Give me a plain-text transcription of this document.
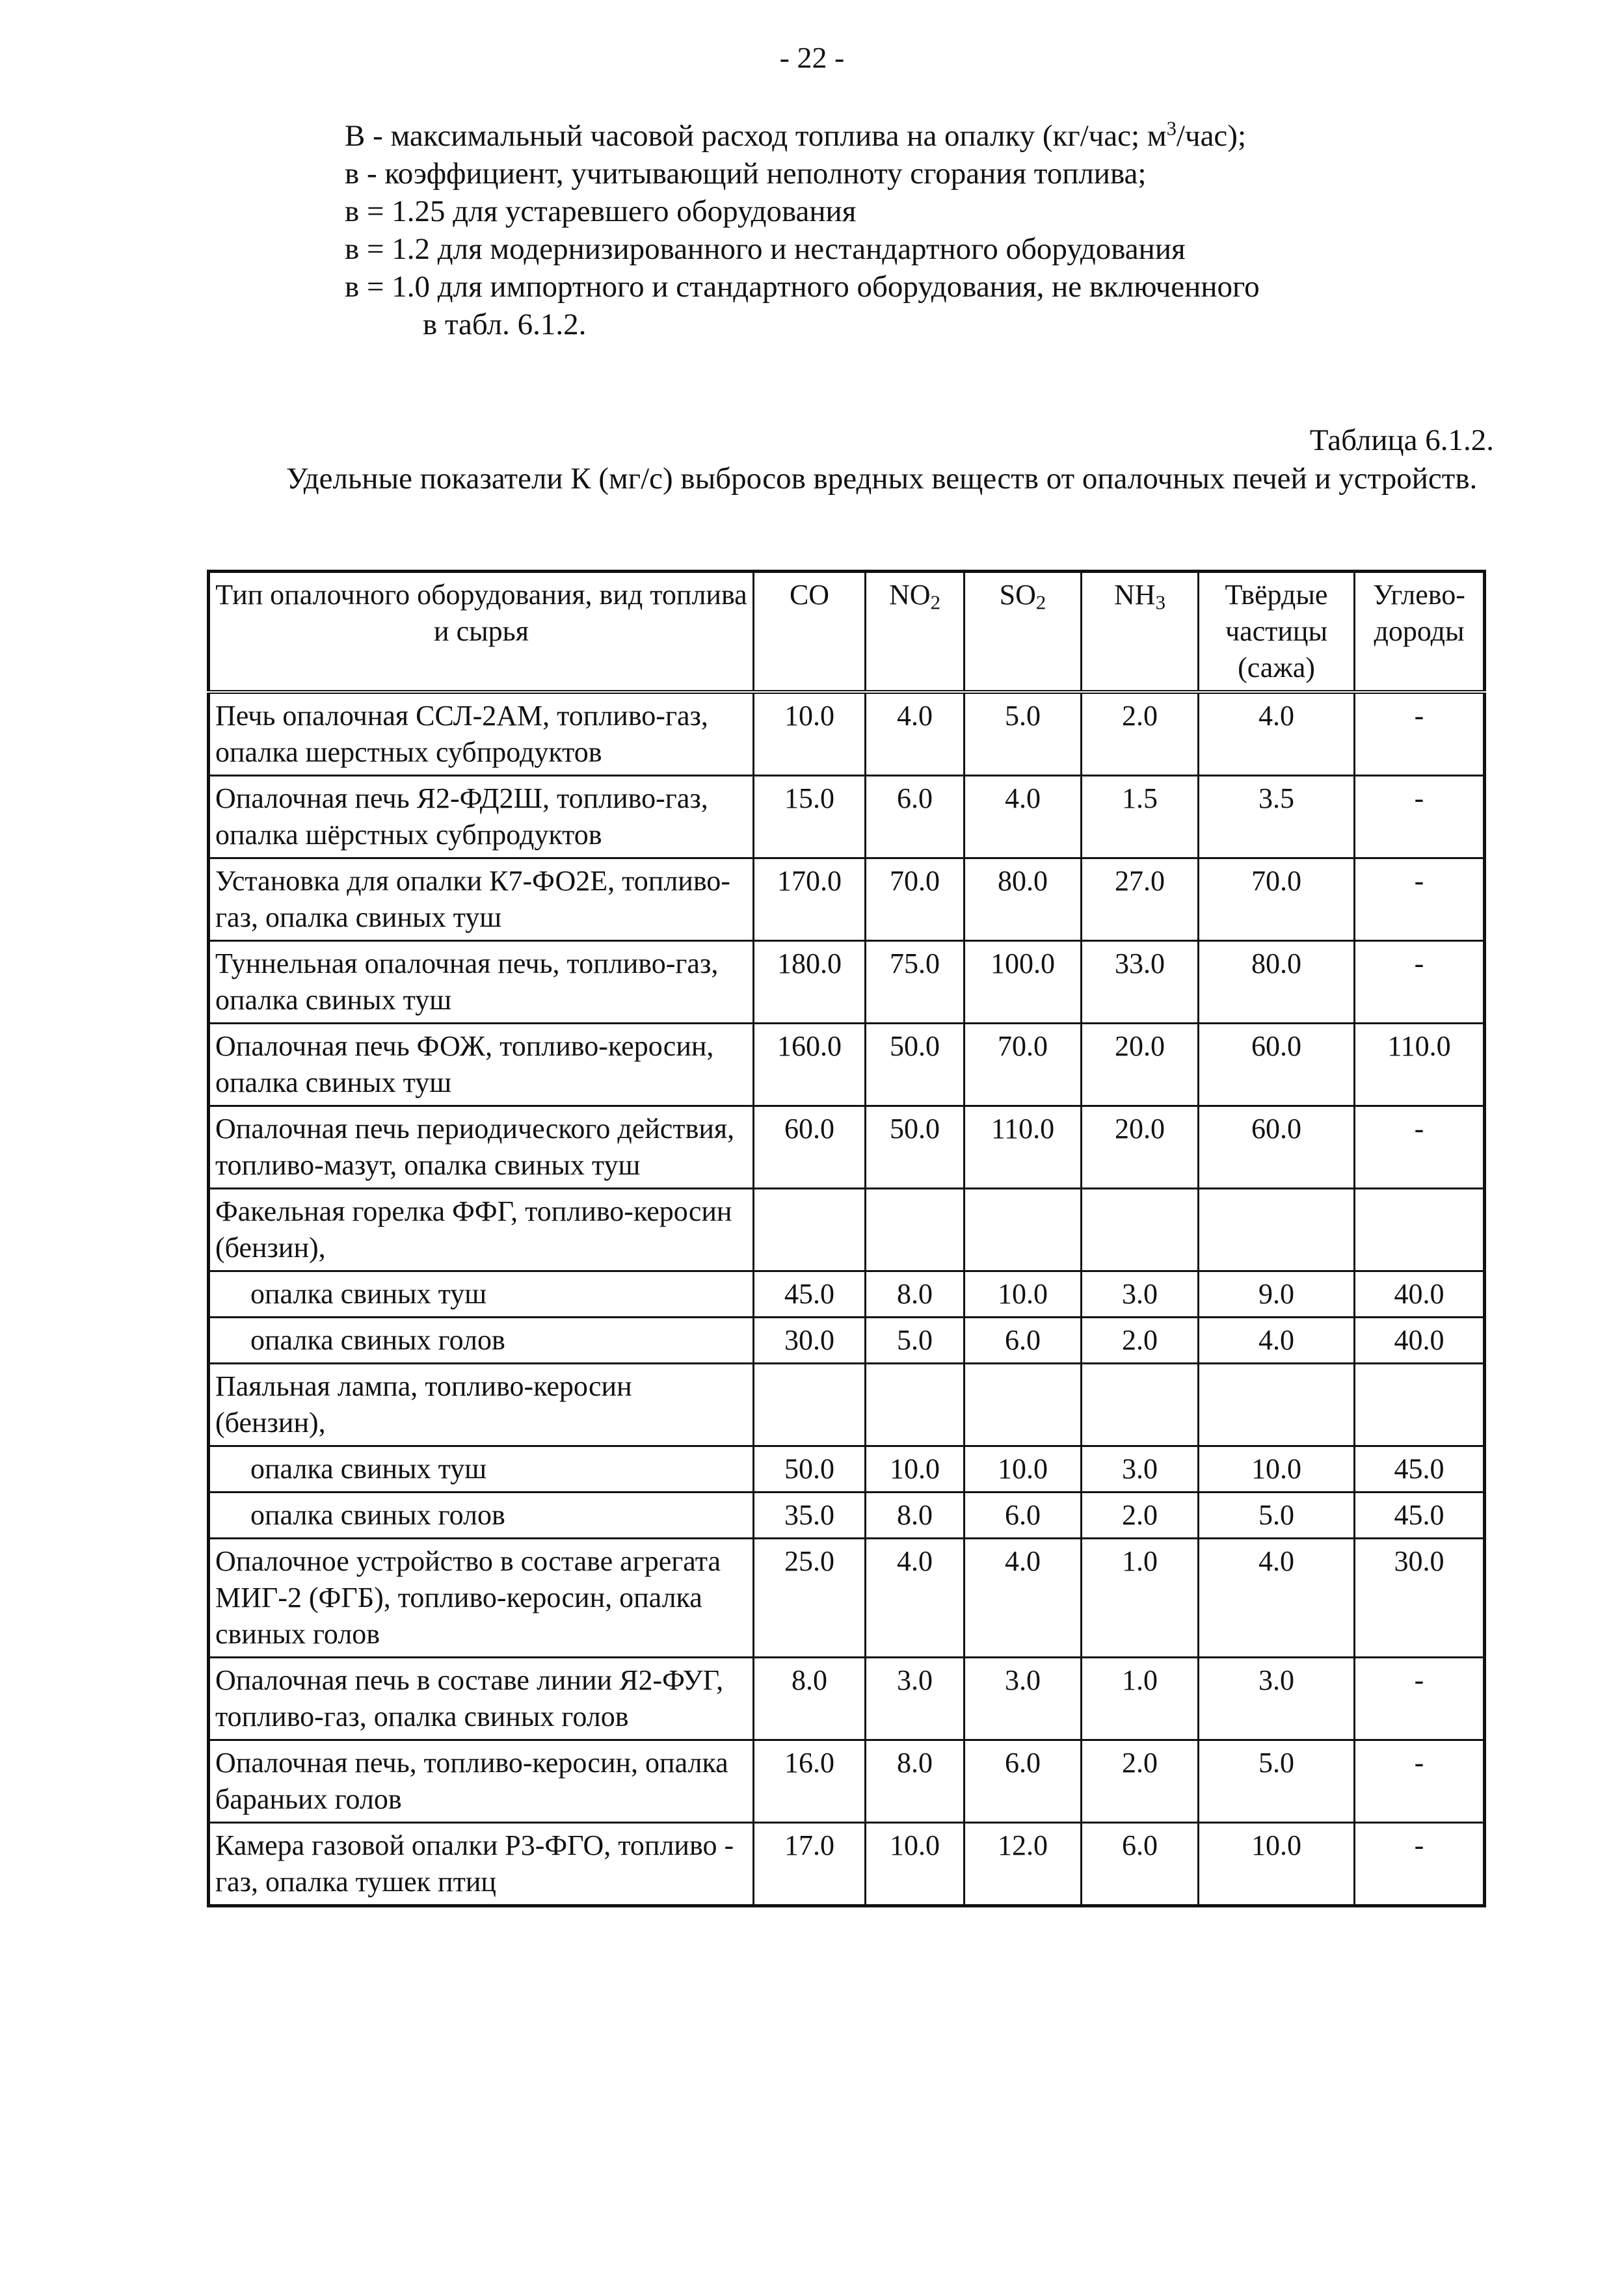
- 22 -
B - максимальный часовой расход топлива на опалку (кг/час; $м^3/час$);
в - коэффициент, учитывающий неполноту сгорания топлива;
в = 1.25 для устаревшего оборудования
в = 1.2 для модернизированного и нестандартного оборудования
в = 1.0 для импортного и стандартного оборудования, не включенного
в табл. 6.1.2.
Таблица 6.1.2.
Удельные показатели К (мг/с) выбросов вредных веществ от опалочных печей и устройств.
Тип опалочного оборудования, вид топлива и сырья	CO	$NO_2$	$SO_2$	$NH_3$	Твёрдые частицы (сажа)	Углево-дороды
Печь опалочная ССЛ-2АМ, топливо-газ, опалка шерстных субпродуктов	10.0	4.0	5.0	2.0	4.0	-
Опалочная печь Я2-ФД2Ш, топливо-газ, опалка шёрстных субпродуктов	15.0	6.0	4.0	1.5	3.5	-
Установка для опалки К7-ФО2Е, топливо-газ, опалка свиных туш	170.0	70.0	80.0	27.0	70.0	-
Туннельная опалочная печь, топливо-газ, опалка свиных туш	180.0	75.0	100.0	33.0	80.0	-
Опалочная печь ФОЖ, топливо-керосин, опалка свиных туш	160.0	50.0	70.0	20.0	60.0	110.0
Опалочная печь периодического действия, топливо-мазут, опалка свиных туш	60.0	50.0	110.0	20.0	60.0	-
Факельная горелка ФФГ, топливо-керосин (бензин),						
опалка свиных туш	45.0	8.0	10.0	3.0	9.0	40.0
опалка свиных голов	30.0	5.0	6.0	2.0	4.0	40.0
Паяльная лампа, топливо-керосин (бензин),						
опалка свиных туш	50.0	10.0	10.0	3.0	10.0	45.0
опалка свиных голов	35.0	8.0	6.0	2.0	5.0	45.0
Опалочное устройство в составе агрегата МИГ-2 (ФГБ), топливо-керосин, опалка свиных голов	25.0	4.0	4.0	1.0	4.0	30.0
Опалочная печь в составе линии Я2-ФУГ, топливо-газ, опалка свиных голов	8.0	3.0	3.0	1.0	3.0	-
Опалочная печь, топливо-керосин, опалка бараньих голов	16.0	8.0	6.0	2.0	5.0	-
Камера газовой опалки Р3-ФГО, топливо - газ, опалка тушек птиц	17.0	10.0	12.0	6.0	10.0	-
